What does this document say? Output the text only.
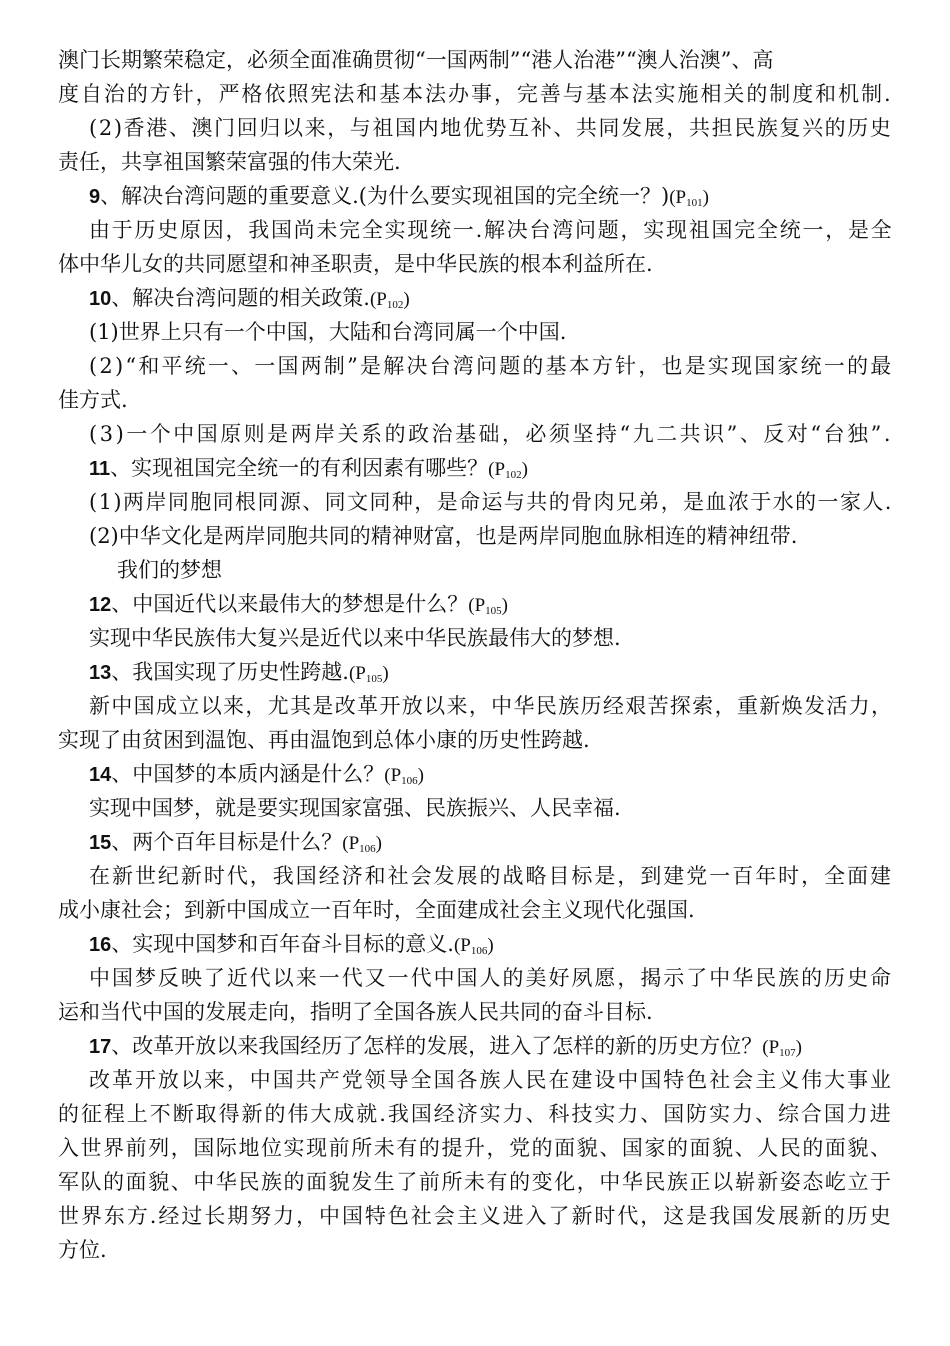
澳门长期繁荣稳定，必须全面准确贯彻“一国两制”“港人治港”“澳人治澳”、高
度自治的方针，严格依照宪法和基本法办事，完善与基本法实施相关的制度和机制.
(2)香港、澳门回归以来，与祖国内地优势互补、共同发展，共担民族复兴的历史
责任，共享祖国繁荣富强的伟大荣光.
9、解决台湾问题的重要意义.(为什么要实现祖国的完全统一？)$(P_{101})$
由于历史原因，我国尚未完全实现统一.解决台湾问题，实现祖国完全统一，是全
体中华儿女的共同愿望和神圣职责，是中华民族的根本利益所在.
10、解决台湾问题的相关政策$.(P_{102})$
(1)世界上只有一个中国，大陆和台湾同属一个中国.
(2)“和平统一、一国两制”是解决台湾问题的基本方针，也是实现国家统一的最
佳方式.
(3)一个中国原则是两岸关系的政治基础，必须坚持“九二共识”、反对“台独”.
11、实现祖国完全统一的有利因素有哪些？$(P_{102})$
(1)两岸同胞同根同源、同文同种，是命运与共的骨肉兄弟，是血浓于水的一家人.
(2)中华文化是两岸同胞共同的精神财富，也是两岸同胞血脉相连的精神纽带.
我们的梦想
12、中国近代以来最伟大的梦想是什么？$(P_{105})$
实现中华民族伟大复兴是近代以来中华民族最伟大的梦想.
13、我国实现了历史性跨越$.(P_{105})$
新中国成立以来，尤其是改革开放以来，中华民族历经艰苦探索，重新焕发活力，
实现了由贫困到温饱、再由温饱到总体小康的历史性跨越.
14、中国梦的本质内涵是什么？$(P_{106})$
实现中国梦，就是要实现国家富强、民族振兴、人民幸福.
15、两个百年目标是什么？$(P_{106})$
在新世纪新时代，我国经济和社会发展的战略目标是，到建党一百年时，全面建
成小康社会；到新中国成立一百年时，全面建成社会主义现代化强国.
16、实现中国梦和百年奋斗目标的意义$.(P_{106})$
中国梦反映了近代以来一代又一代中国人的美好夙愿，揭示了中华民族的历史命
运和当代中国的发展走向，指明了全国各族人民共同的奋斗目标.
17、改革开放以来我国经历了怎样的发展，进入了怎样的新的历史方位？$(P_{107})$
改革开放以来，中国共产党领导全国各族人民在建设中国特色社会主义伟大事业
的征程上不断取得新的伟大成就.我国经济实力、科技实力、国防实力、综合国力进
入世界前列，国际地位实现前所未有的提升，党的面貌、国家的面貌、人民的面貌、
军队的面貌、中华民族的面貌发生了前所未有的变化，中华民族正以崭新姿态屹立于
世界东方.经过长期努力，中国特色社会主义进入了新时代，这是我国发展新的历史
方位.
